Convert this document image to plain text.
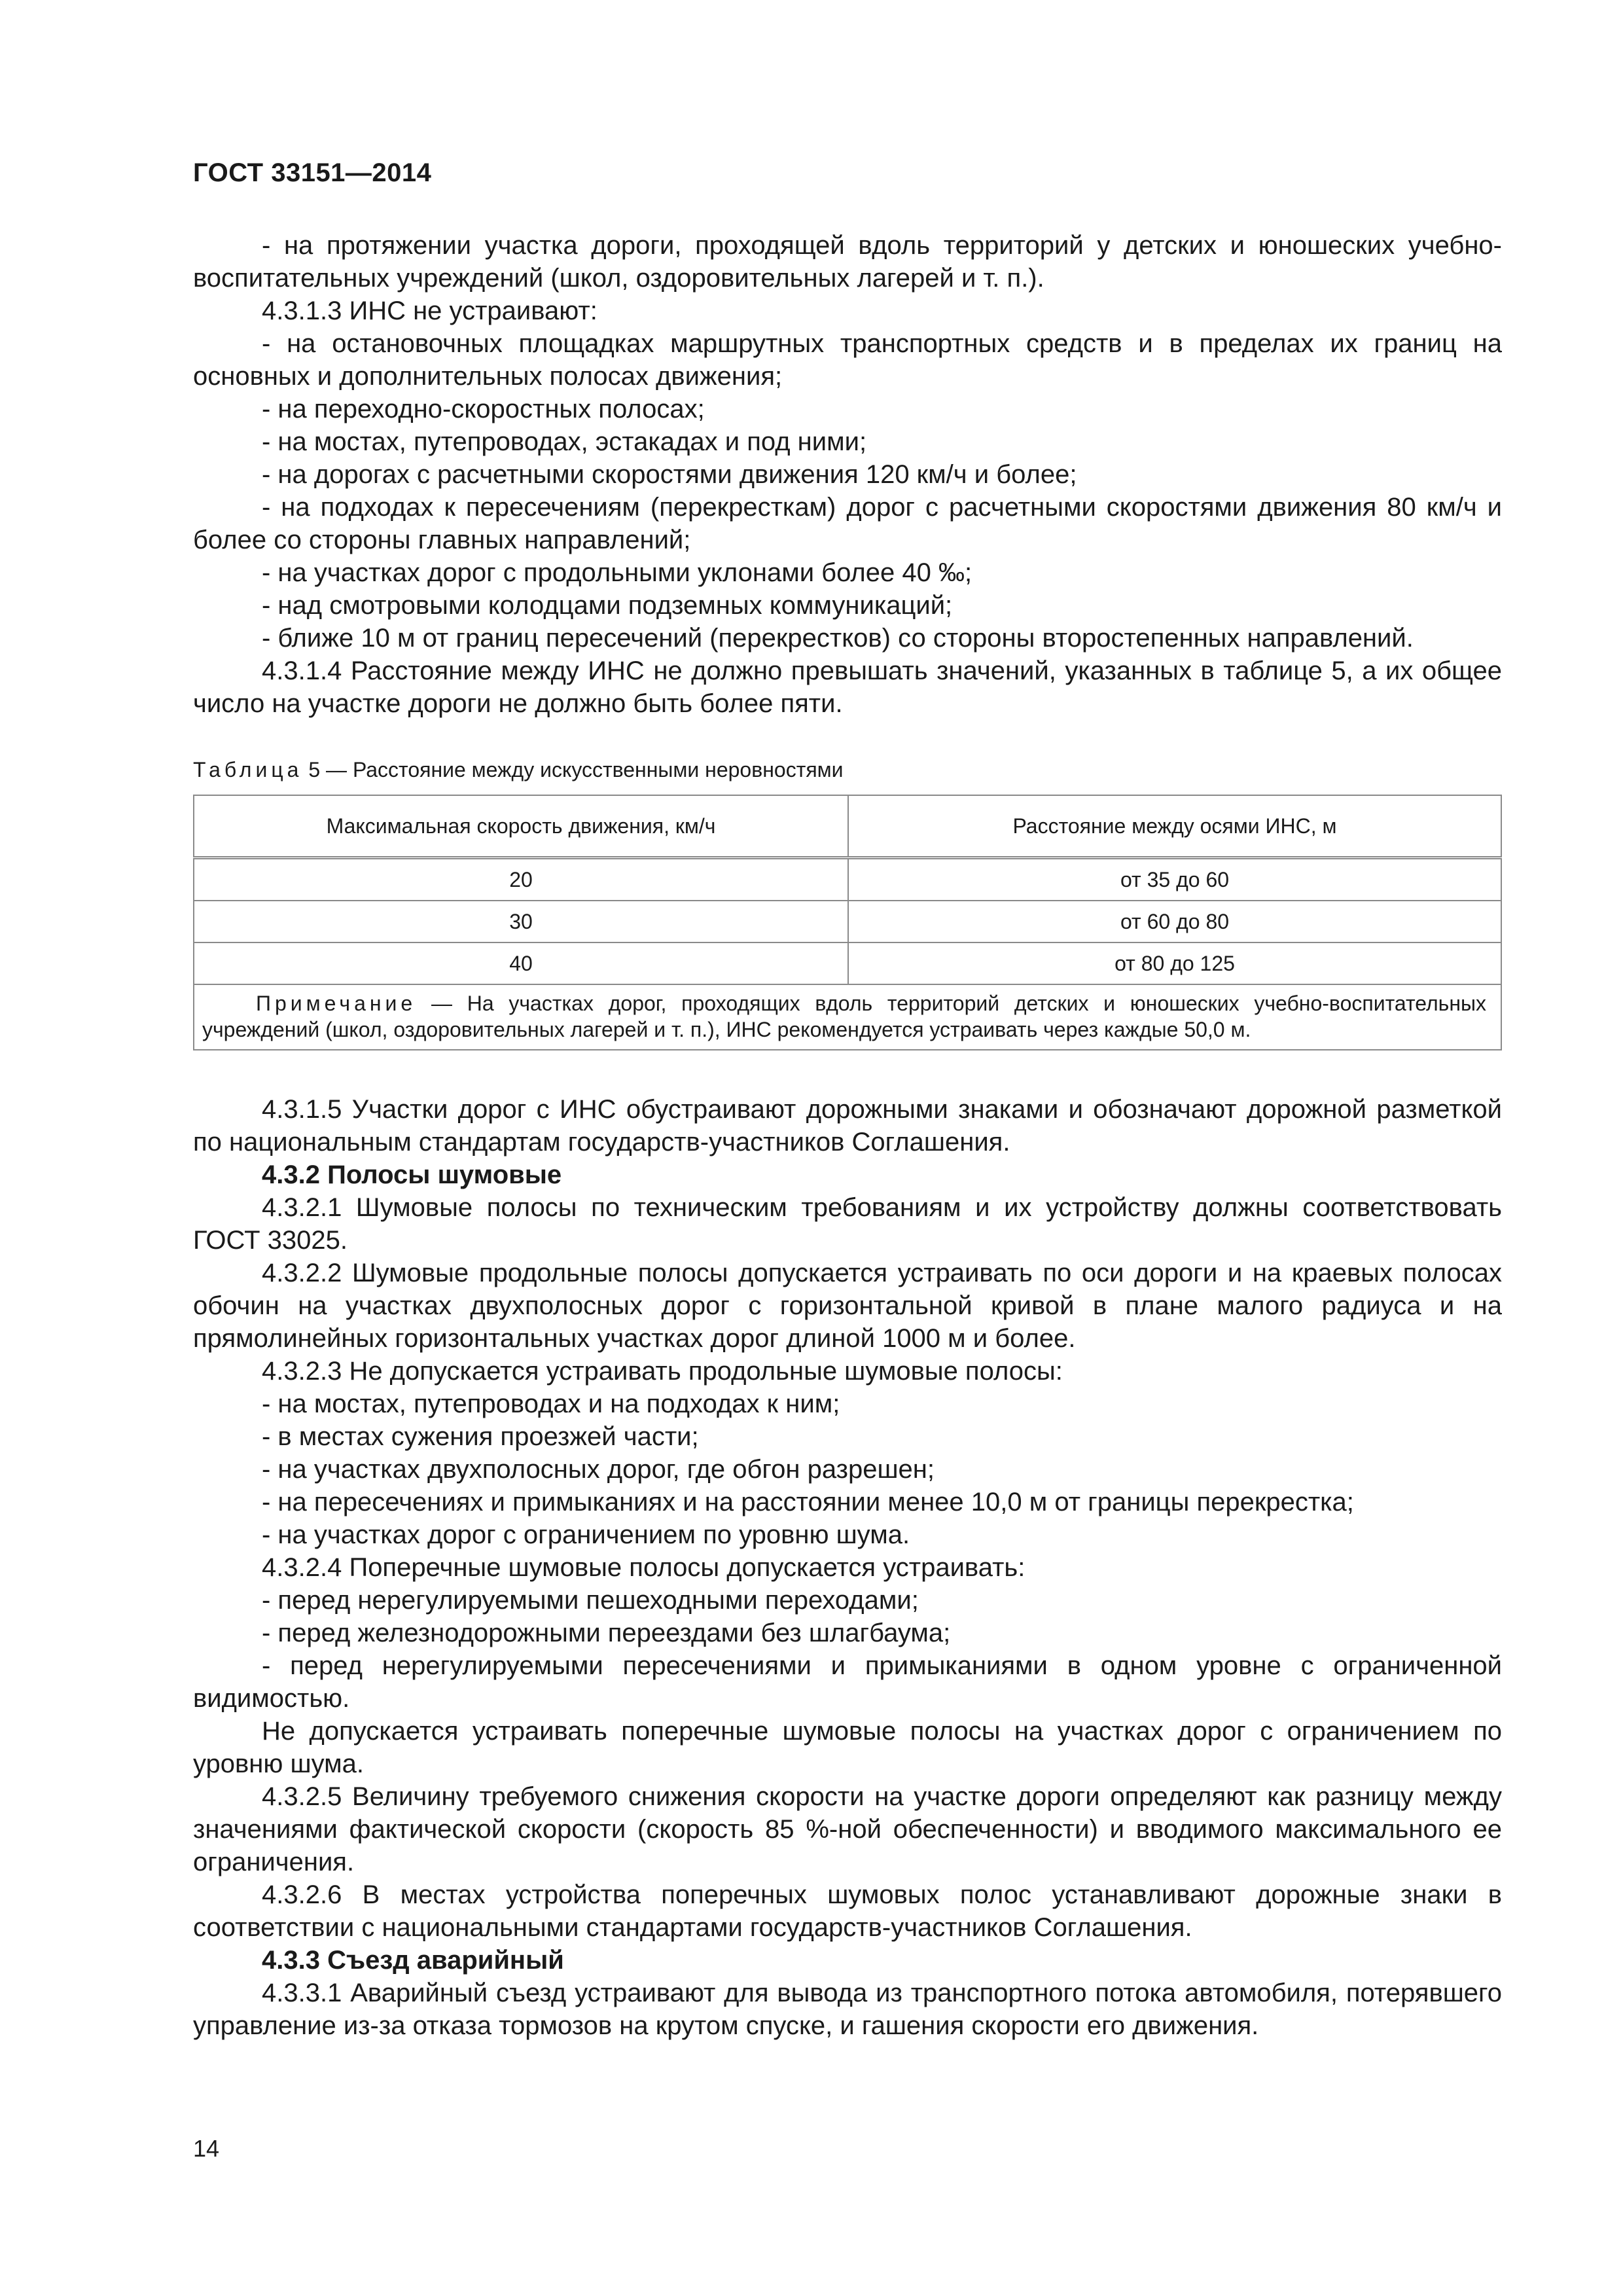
ГОСТ 33151—2014

- на протяжении участка дороги, проходящей вдоль территорий у детских и юношеских учебно-воспитательных учреждений (школ, оздоровительных лагерей и т. п.).

4.3.1.3 ИНС не устраивают:

- на остановочных площадках маршрутных транспортных средств и в пределах их границ на основных и дополнительных полосах движения;

- на переходно-скоростных полосах;

- на мостах, путепроводах, эстакадах и под ними;

- на дорогах с расчетными скоростями движения 120 км/ч и более;

- на подходах к пересечениям (перекресткам) дорог с расчетными скоростями движения 80 км/ч и более со стороны главных направлений;

- на участках дорог с продольными уклонами более 40 ‰;

- над смотровыми колодцами подземных коммуникаций;

- ближе 10 м от границ пересечений (перекрестков) со стороны второстепенных направлений.

4.3.1.4 Расстояние между ИНС не должно превышать значений, указанных в таблице 5, а их общее число на участке дороги не должно быть более пяти.

Таблица 5 — Расстояние между искусственными неровностями
Максимальная скорость движения, км/ч	Расстояние между осями ИНС, м
20	от 35 до 60
30	от 60 до 80
40	от 80 до 125

Примечание — На участках дорог, проходящих вдоль территорий детских и юношеских учебно-воспитательных учреждений (школ, оздоровительных лагерей и т. п.), ИНС рекомендуется устраивать через каждые 50,0 м.	

4.3.1.5 Участки дорог с ИНС обустраивают дорожными знаками и обозначают дорожной разметкой по национальным стандартам государств-участников Соглашения.

4.3.2 Полосы шумовые

4.3.2.1 Шумовые полосы по техническим требованиям и их устройству должны соответствовать ГОСТ 33025.

4.3.2.2 Шумовые продольные полосы допускается устраивать по оси дороги и на краевых полосах обочин на участках двухполосных дорог с горизонтальной кривой в плане малого радиуса и на прямолинейных горизонтальных участках дорог длиной 1000 м и более.

4.3.2.3 Не допускается устраивать продольные шумовые полосы:

- на мостах, путепроводах и на подходах к ним;

- в местах сужения проезжей части;

- на участках двухполосных дорог, где обгон разрешен;

- на пересечениях и примыканиях и на расстоянии менее 10,0 м от границы перекрестка;

- на участках дорог с ограничением по уровню шума.

4.3.2.4 Поперечные шумовые полосы допускается устраивать:

- перед нерегулируемыми пешеходными переходами;

- перед железнодорожными переездами без шлагбаума;

- перед нерегулируемыми пересечениями и примыканиями в одном уровне с ограниченной видимостью.

Не допускается устраивать поперечные шумовые полосы на участках дорог с ограничением по уровню шума.

4.3.2.5 Величину требуемого снижения скорости на участке дороги определяют как разницу между значениями фактической скорости (скорость 85 %-ной обеспеченности) и вводимого максимального ее ограничения.

4.3.2.6 В местах устройства поперечных шумовых полос устанавливают дорожные знаки в соответствии с национальными стандартами государств-участников Соглашения.

4.3.3 Съезд аварийный

4.3.3.1 Аварийный съезд устраивают для вывода из транспортного потока автомобиля, потерявшего управление из-за отказа тормозов на крутом спуске, и гашения скорости его движения.

14
